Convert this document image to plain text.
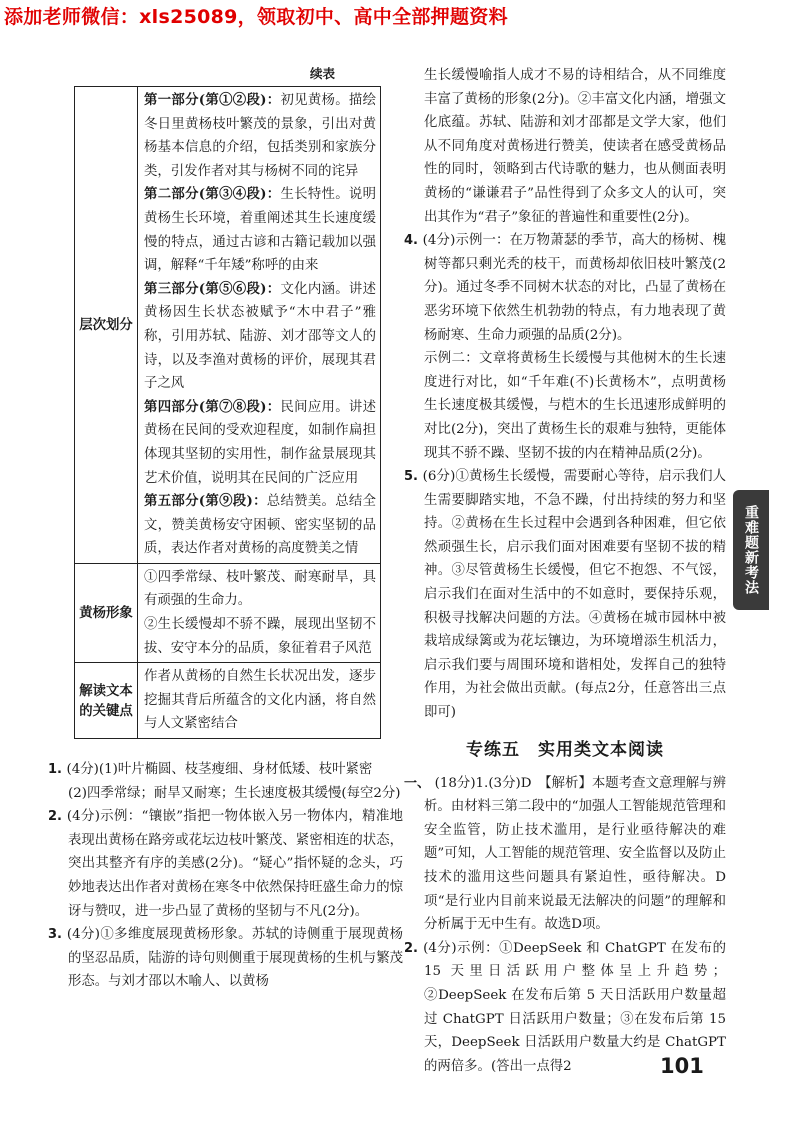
添加老师微信：xls25089，领取初中、高中全部押题资料
续表
层次划分	第一部分(第①②段)：初见黄杨。描绘冬日里黄杨枝叶繁茂的景象，引出对黄杨基本信息的介绍，包括类别和家族分类，引发作者对其与杨树不同的诧异
第二部分(第③④段)：生长特性。说明黄杨生长环境，着重阐述其生长速度缓慢的特点，通过古谚和古籍记载加以强调，解释“千年矮”称呼的由来
第三部分(第⑤⑥段)：文化内涵。讲述黄杨因生长状态被赋予“木中君子”雅称，引用苏轼、陆游、刘才邵等文人的诗，以及李渔对黄杨的评价，展现其君子之风
第四部分(第⑦⑧段)：民间应用。讲述黄杨在民间的受欢迎程度，如制作扁担体现其坚韧的实用性，制作盆景展现其艺术价值，说明其在民间的广泛应用
第五部分(第⑨段)：总结赞美。总结全文，赞美黄杨安守困顿、密实坚韧的品质，表达作者对黄杨的高度赞美之情

黄杨形象	①四季常绿、枝叶繁茂、耐寒耐旱，具有顽强的生命力。
②生长缓慢却不骄不躁，展现出坚韧不拔、安守本分的品质，象征着君子风范

解读文本的关键点	作者从黄杨的自然生长状况出发，逐步挖掘其背后所蕴含的文化内涵，将自然与人文紧密结合
1. (4分)(1)叶片椭圆、枝茎瘦细、身材低矮、枝叶紧密
(2)四季常绿；耐旱又耐寒；生长速度极其缓慢(每空2分)
2. (4分)示例：“镶嵌”指把一物体嵌入另一物体内，精准地表现出黄杨在路旁或花坛边枝叶繁茂、紧密相连的状态，突出其整齐有序的美感(2分)。“疑心”指怀疑的念头，巧妙地表达出作者对黄杨在寒冬中依然保持旺盛生命力的惊讶与赞叹，进一步凸显了黄杨的坚韧与不凡(2分)。
3. (4分)①多维度展现黄杨形象。苏轼的诗侧重于展现黄杨的坚忍品质，陆游的诗句则侧重于展现黄杨的生机与繁茂形态。与刘才邵以木喻人、以黄杨
生长缓慢喻指人成才不易的诗相结合，从不同维度丰富了黄杨的形象(2分)。②丰富文化内涵，增强文化底蕴。苏轼、陆游和刘才邵都是文学大家，他们从不同角度对黄杨进行赞美，使读者在感受黄杨品性的同时，领略到古代诗歌的魅力，也从侧面表明黄杨的“谦谦君子”品性得到了众多文人的认可，突出其作为“君子”象征的普遍性和重要性(2分)。
4. (4分)示例一：在万物萧瑟的季节，高大的杨树、槐树等都只剩光秃的枝干，而黄杨却依旧枝叶繁茂(2分)。通过冬季不同树木状态的对比，凸显了黄杨在恶劣环境下依然生机勃勃的特点，有力地表现了黄杨耐寒、生命力顽强的品质(2分)。
示例二：文章将黄杨生长缓慢与其他树木的生长速度进行对比，如“千年难(不)长黄杨木”，点明黄杨生长速度极其缓慢，与桤木的生长迅速形成鲜明的对比(2分)，突出了黄杨生长的艰难与独特，更能体现其不骄不躁、坚韧不拔的内在精神品质(2分)。
5. (6分)①黄杨生长缓慢，需要耐心等待，启示我们人生需要脚踏实地，不急不躁，付出持续的努力和坚持。②黄杨在生长过程中会遇到各种困难，但它依然顽强生长，启示我们面对困难要有坚韧不拔的精神。③尽管黄杨生长缓慢，但它不抱怨、不气馁，启示我们在面对生活中的不如意时，要保持乐观，积极寻找解决问题的方法。④黄杨在城市园林中被栽培成绿篱或为花坛镶边，为环境增添生机活力，启示我们要与周围环境和谐相处，发挥自己的独特作用，为社会做出贡献。(每点2分，任意答出三点即可)
专练五　实用类文本阅读
一、 (18分)1.(3分)D　【解析】本题考查文意理解与辨析。由材料三第二段中的“加强人工智能规范管理和安全监管，防止技术滥用，是行业亟待解决的难题”可知，人工智能的规范管理、安全监督以及防止技术的滥用这些问题具有紧迫性，亟待解决。D项“是行业内目前来说最无法解决的问题”的理解和分析属于无中生有。故选D项。
2. (4分)示例：①DeepSeek 和 ChatGPT 在发布的 15 天里日活跃用户整体呈上升趋势；②DeepSeek 在发布后第 5 天日活跃用户数量超过 ChatGPT 日活跃用户数量；③在发布后第 15 天，DeepSeek 日活跃用户数量大约是 ChatGPT 的两倍多。(答出一点得2
重难题新考法
101
